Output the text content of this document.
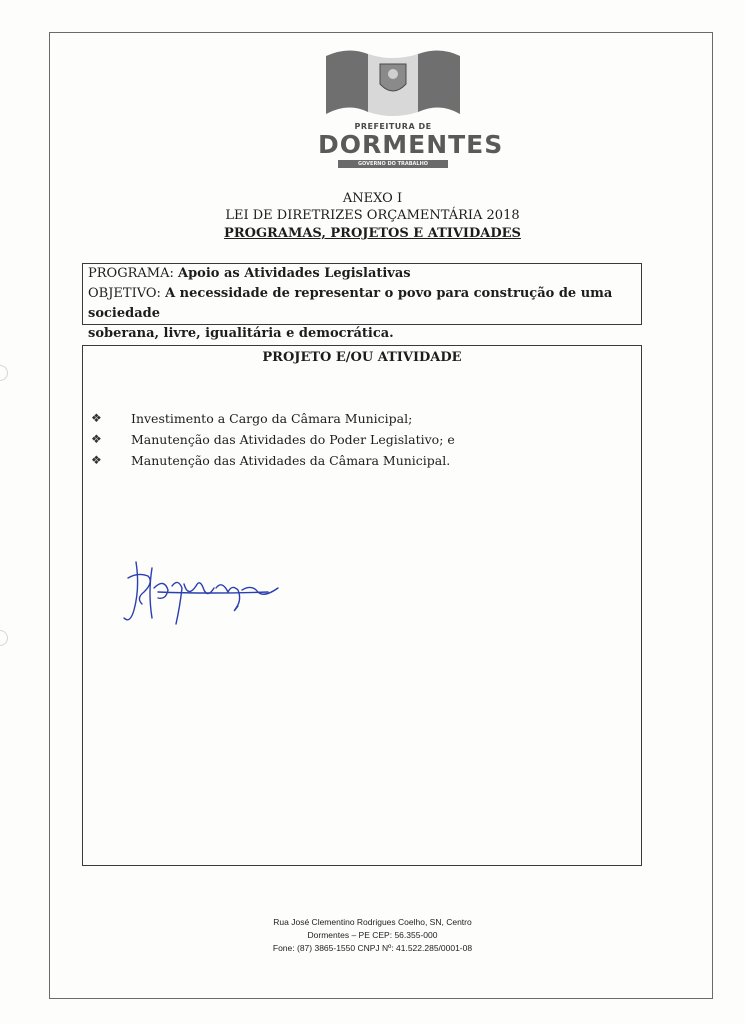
PREFEITURA DE
DORMENTES
GOVERNO DO TRABALHO
ANEXO I
LEI DE DIRETRIZES ORÇAMENTÁRIA 2018
PROGRAMAS, PROJETOS E ATIVIDADES
PROGRAMA: Apoio as Atividades Legislativas
OBJETIVO: A necessidade de representar o povo para construção de uma sociedade
soberana, livre, igualitária e democrática.
PROJETO E/OU ATIVIDADE
❖ Investimento a Cargo da Câmara Municipal;
❖ Manutenção das Atividades do Poder Legislativo; e
❖ Manutenção das Atividades da Câmara Municipal.
Rua José Clementino Rodrigues Coelho, SN, Centro
Dormentes – PE CEP: 56.355-000
Fone: (87) 3865-1550 CNPJ Nº: 41.522.285/0001-08
